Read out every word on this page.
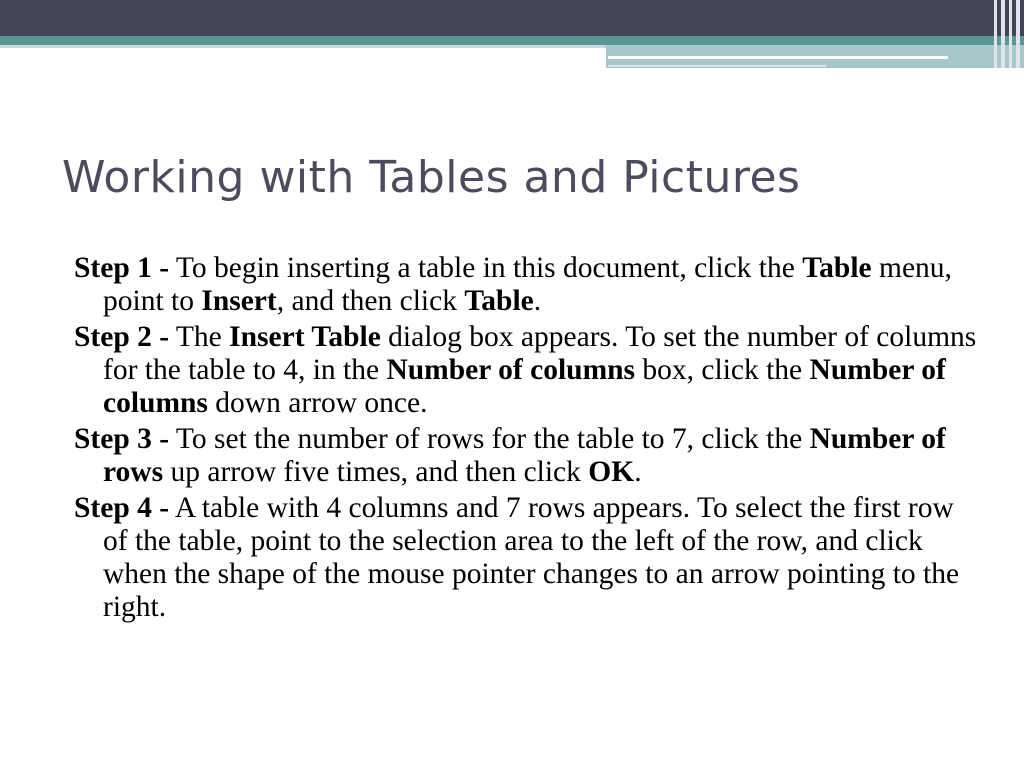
Working with Tables and Pictures

Step 1 - To begin inserting a table in this document, click the Table menu, point to Insert, and then click Table.

Step 2 - The Insert Table dialog box appears. To set the number of columns for the table to 4, in the Number of columns box, click the Number of columns down arrow once.

Step 3 - To set the number of rows for the table to 7, click the Number of rows up arrow five times, and then click OK.

Step 4 - A table with 4 columns and 7 rows appears. To select the first row of the table, point to the selection area to the left of the row, and click when the shape of the mouse pointer changes to an arrow pointing to the right.
